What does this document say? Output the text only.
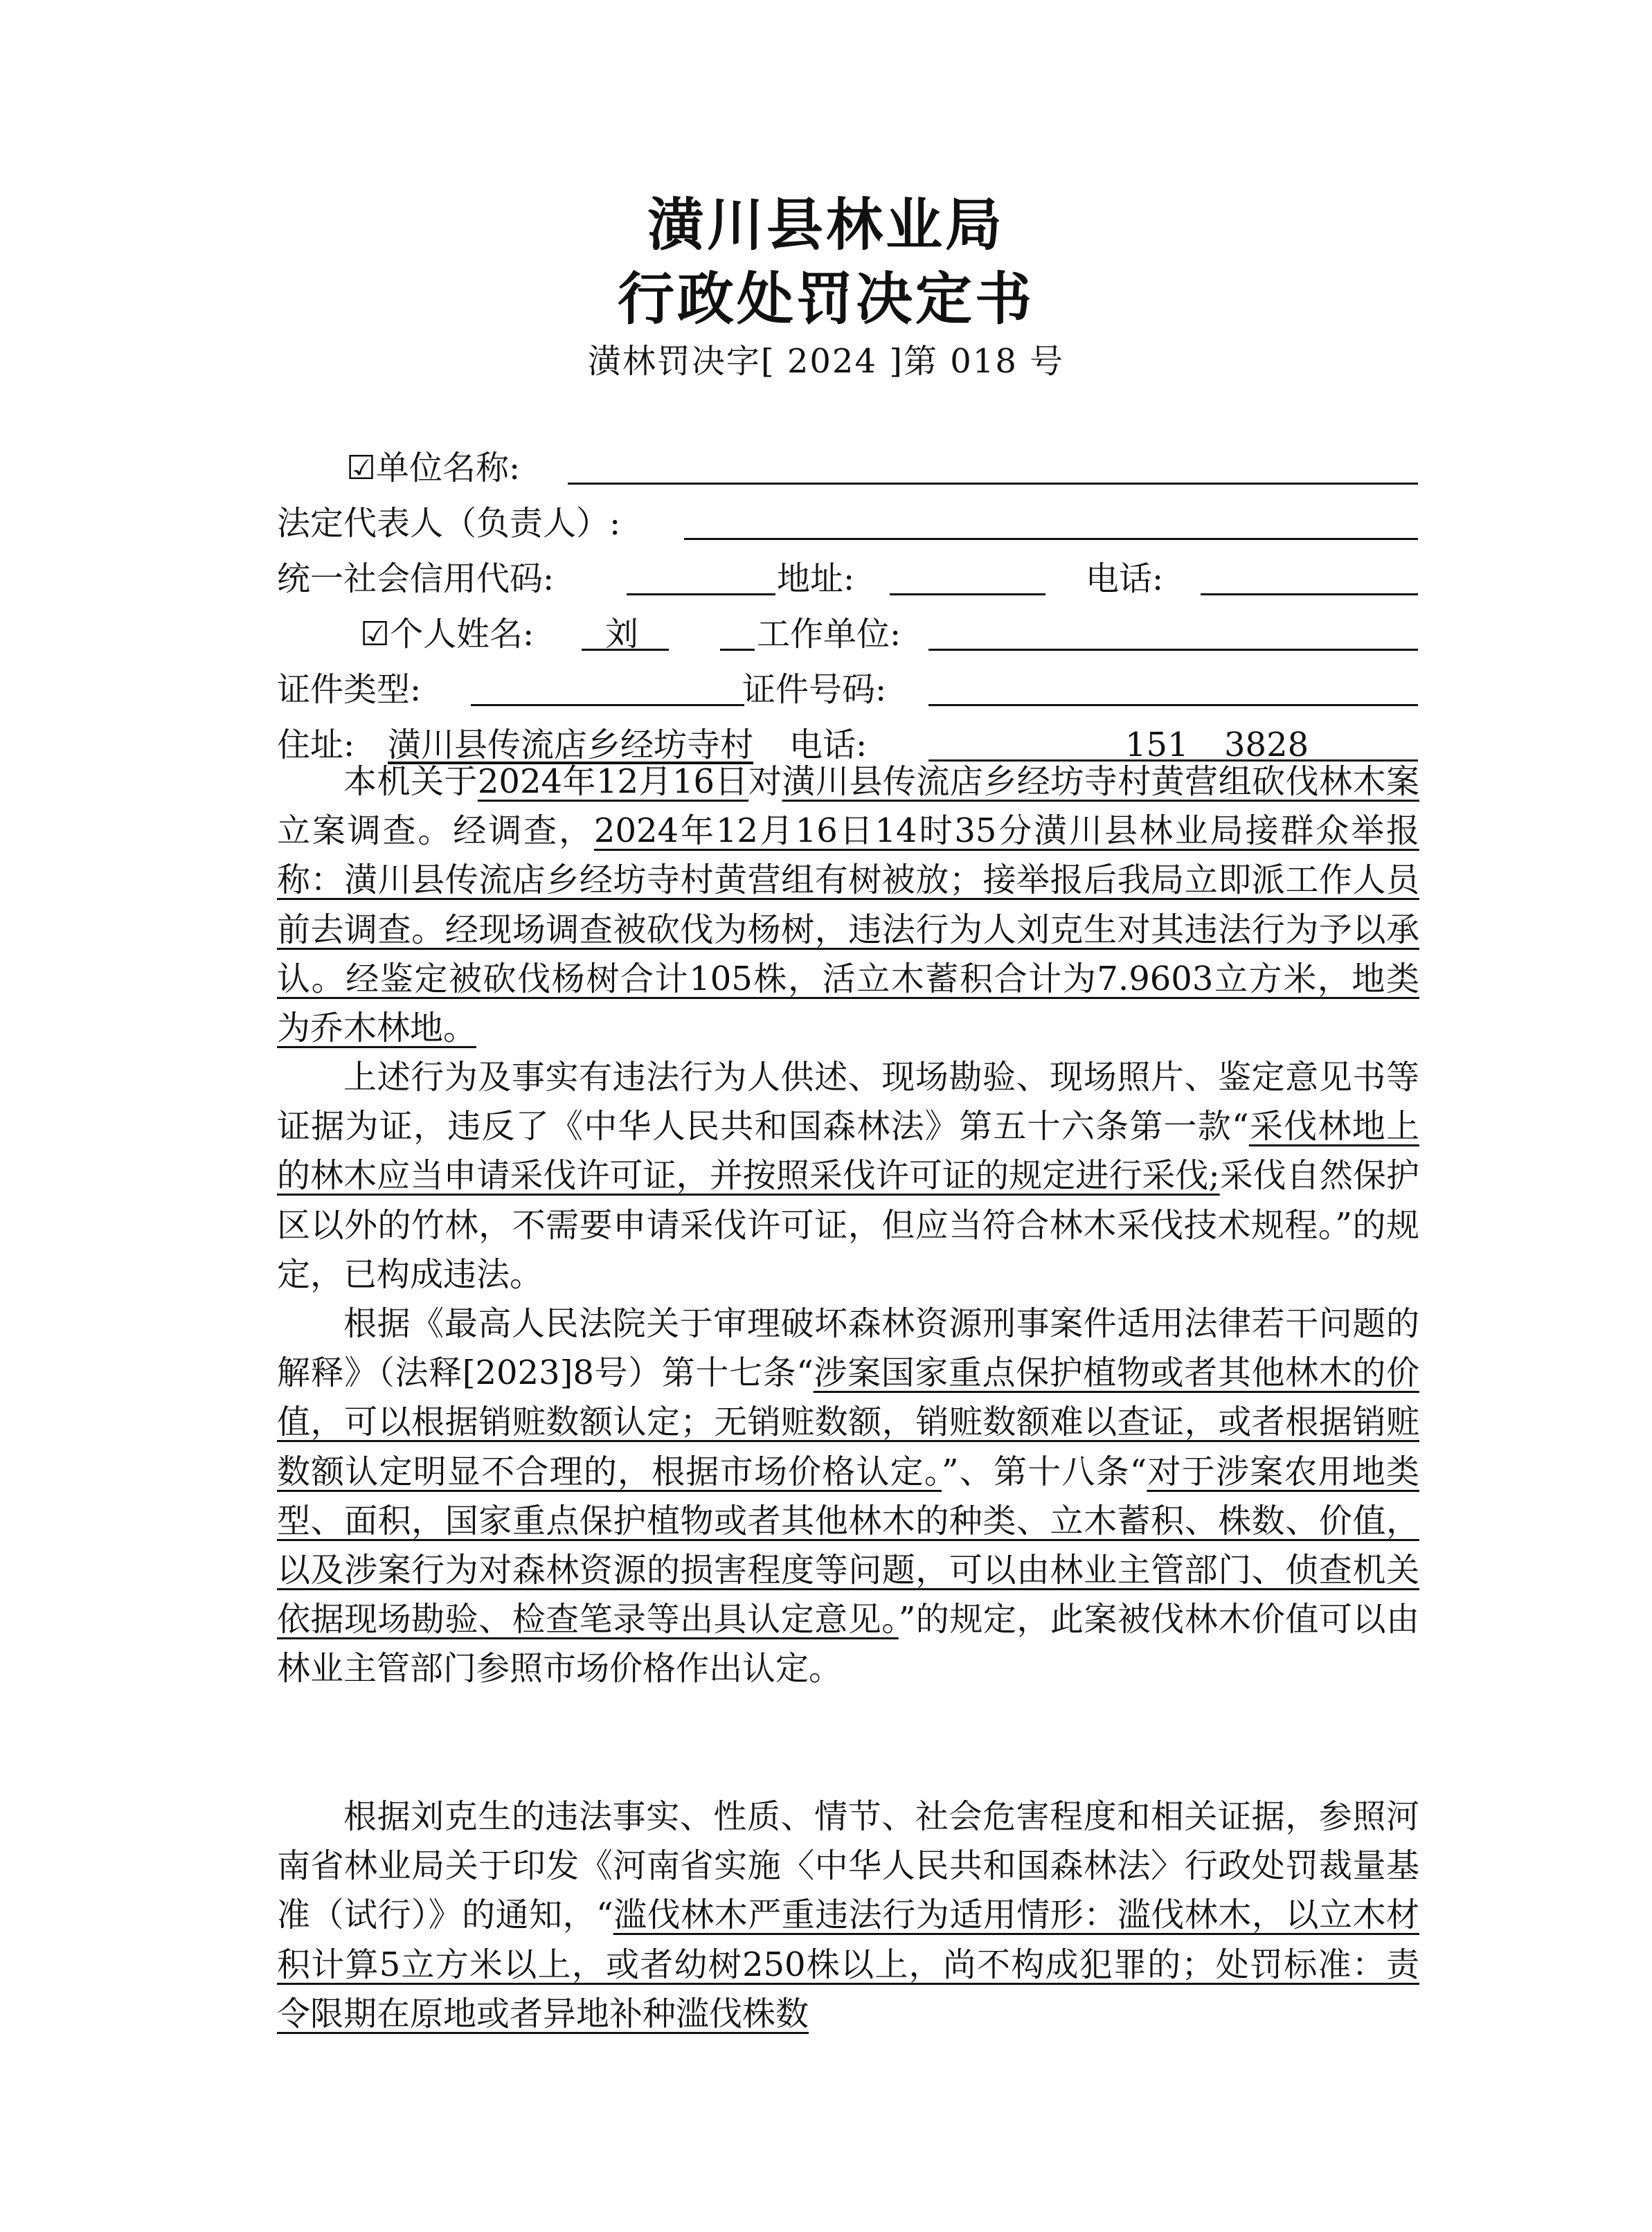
潢川县林业局
行政处罚决定书
潢林罚决字[ 2024 ]第 018 号
☑单位名称:
法定代表人（负责人）:
统一社会信用代码:	地址:	电话:
☑个人姓名: 刘	工作单位:
证件类型:	证件号码:
住址: 潢川县传流店乡经坊寺村 电话:	151 3828

本机关于2024年12月16日对潢川县传流店乡经坊寺村黄营组砍伐林木案 立案调查。经调查，2024年12月16日14时35分潢川县林业局接群众举报称：潢川县传流店乡经坊寺村黄营组有树被放；接举报后我局立即派工作人员前去调查。经现场调查被砍伐为杨树，违法行为人刘克生对其违法行为予以承认。经鉴定被砍伐杨树合计105株，活立木蓄积合计为7.9603立方米，地类为乔木林地。

上述行为及事实有违法行为人供述、现场勘验、现场照片、鉴定意见书等证据为证，违反了《中华人民共和国森林法》第五十六条第一款“采伐林地上的林木应当申请采伐许可证，并按照采伐许可证的规定进行采伐;采伐自然保护区以外的竹林，不需要申请采伐许可证，但应当符合林木采伐技术规程。”的规定，已构成违法。

根据《最高人民法院关于审理破坏森林资源刑事案件适用法律若干问题的解释》（法释[2023]8号）第十七条“涉案国家重点保护植物或者其他林木的价值，可以根据销赃数额认定；无销赃数额，销赃数额难以查证，或者根据销赃数额认定明显不合理的，根据市场价格认定。”、第十八条“对于涉案农用地类型、面积，国家重点保护植物或者其他林木的种类、立木蓄积、株数、价值，以及涉案行为对森林资源的损害程度等问题，可以由林业主管部门、侦查机关依据现场勘验、检查笔录等出具认定意见。”的规定，此案被伐林木价值可以由林业主管部门参照市场价格作出认定。

根据刘克生的违法事实、性质、情节、社会危害程度和相关证据，参照河南省林业局关于印发《河南省实施〈中华人民共和国森林法〉行政处罚裁量基准（试行）》的通知，“滥伐林木严重违法行为适用情形：滥伐林木，以立木材积计算5立方米以上，或者幼树250株以上，尚不构成犯罪的；处罚标准：责令限期在原地或者异地补种滥伐株数
